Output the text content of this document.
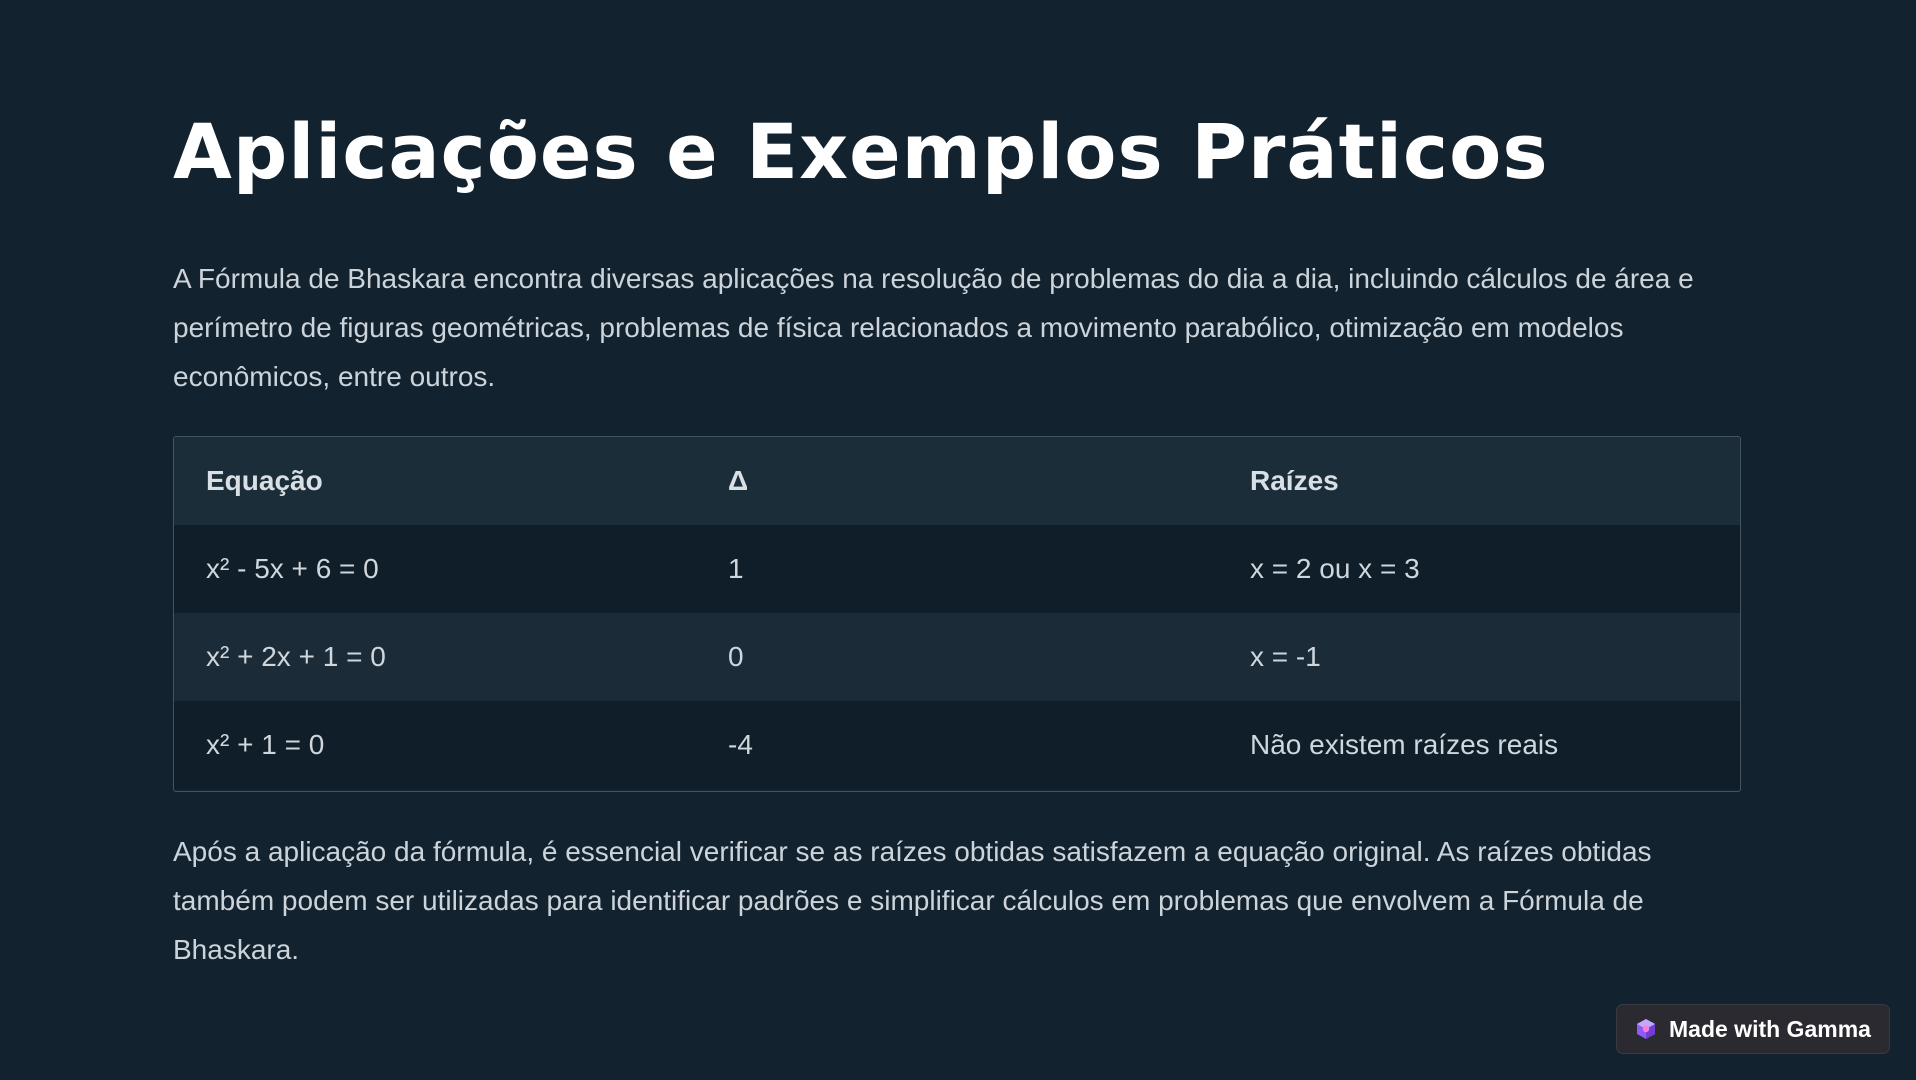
Aplicações e Exemplos Práticos

A Fórmula de Bhaskara encontra diversas aplicações na resolução de problemas do dia a dia, incluindo cálculos de área e perímetro de figuras geométricas, problemas de física relacionados a movimento parabólico, otimização em modelos econômicos, entre outros.

Equação	Δ	Raízes
x² - 5x + 6 = 0	1	x = 2 ou x = 3
x² + 2x + 1 = 0	0	x = -1
x² + 1 = 0	-4	Não existem raízes reais

Após a aplicação da fórmula, é essencial verificar se as raízes obtidas satisfazem a equação original. As raízes obtidas também podem ser utilizadas para identificar padrões e simplificar cálculos em problemas que envolvem a Fórmula de Bhaskara.

Made with Gamma
